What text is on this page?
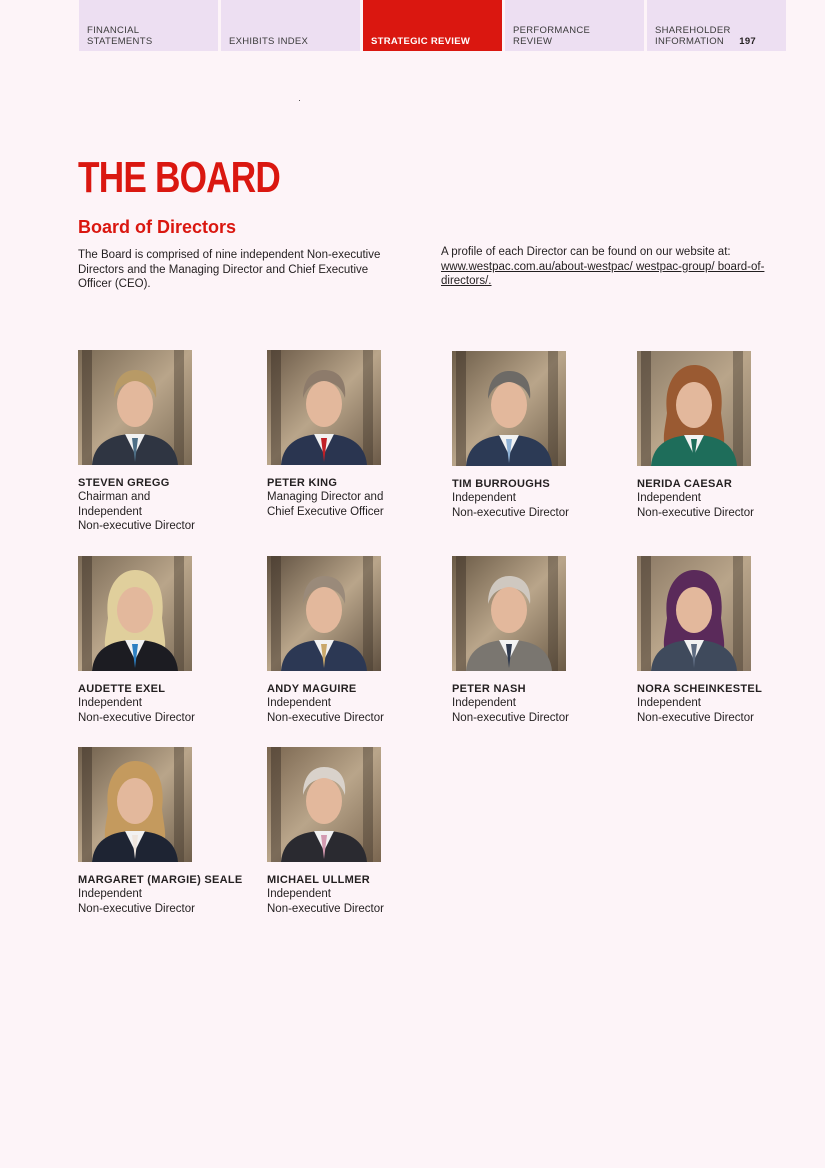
FINANCIAL
STATEMENTS	EXHIBITS INDEX	STRATEGIC REVIEW
PERFORMANCE
REVIEW
SHAREHOLDER
INFORMATION	197
THE BOARD
Board of Directors

The Board is comprised of nine independent Non-executive Directors and the Managing Director and Chief Executive Officer (CEO).

A profile of each Director can be found on our website at: www.westpac.com.au/about-westpac/ westpac-group/ board-of-directors/.

STEVEN GREGG
Chairman and
Independent
Non-executive Director
PETER KING
Managing Director and
Chief Executive Officer
TIM BURROUGHS
Independent
Non-executive Director
NERIDA CAESAR
Independent
Non-executive Director
AUDETTE EXEL
Independent
Non-executive Director
ANDY MAGUIRE
Independent
Non-executive Director
PETER NASH
Independent
Non-executive Director
NORA SCHEINKESTEL
Independent
Non-executive Director
MARGARET (MARGIE) SEALE
Independent
Non-executive Director
MICHAEL ULLMER
Independent
Non-executive Director
